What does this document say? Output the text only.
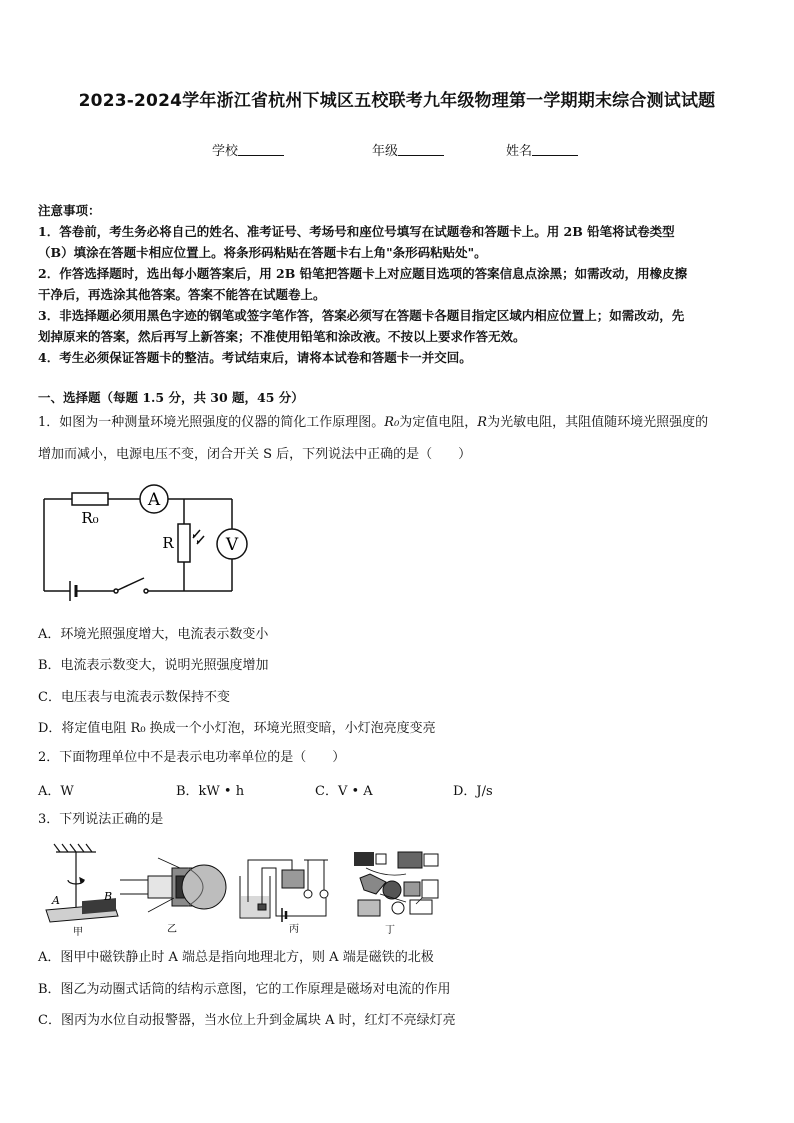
2023-2024学年浙江省杭州下城区五校联考九年级物理第一学期期末综合测试试题
学校	年级	姓名
注意事项：
1．答卷前，考生务必将自己的姓名、准考证号、考场号和座位号填写在试题卷和答题卡上。用 2B 铅笔将试卷类型
（B）填涂在答题卡相应位置上。将条形码粘贴在答题卡右上角"条形码粘贴处"。
2．作答选择题时，选出每小题答案后，用 2B 铅笔把答题卡上对应题目选项的答案信息点涂黑；如需改动，用橡皮擦
干净后，再选涂其他答案。答案不能答在试题卷上。
3．非选择题必须用黑色字迹的钢笔或签字笔作答，答案必须写在答题卡各题目指定区域内相应位置上；如需改动，先
划掉原来的答案，然后再写上新答案；不准使用铅笔和涂改液。不按以上要求作答无效。
4．考生必须保证答题卡的整洁。考试结束后，请将本试卷和答题卡一并交回。
一、选择题（每题 1.5 分，共 30 题，45 分）
1．如图为一种测量环境光照强度的仪器的简化工作原理图。R₀为定值电阻，R为光敏电阻，其阻值随环境光照强度的
增加而减小，电源电压不变，闭合开关 S 后，下列说法中正确的是（　　）
A
V
R₀
R
A．环境光照强度增大，电流表示数变小
B．电流表示数变大，说明光照强度增加
C．电压表与电流表示数保持不变
D．将定值电阻 R₀ 换成一个小灯泡，环境光照变暗，小灯泡亮度变亮
2．下面物理单位中不是表示电功率单位的是（　　）
A．W	B．kW • h	C．V • A	D．J/s
3．下列说法正确的是
A	B
甲	乙	丙	丁
A．图甲中磁铁静止时 A 端总是指向地理北方，则 A 端是磁铁的北极
B．图乙为动圈式话筒的结构示意图，它的工作原理是磁场对电流的作用
C．图丙为水位自动报警器，当水位上升到金属块 A 时，红灯不亮绿灯亮
